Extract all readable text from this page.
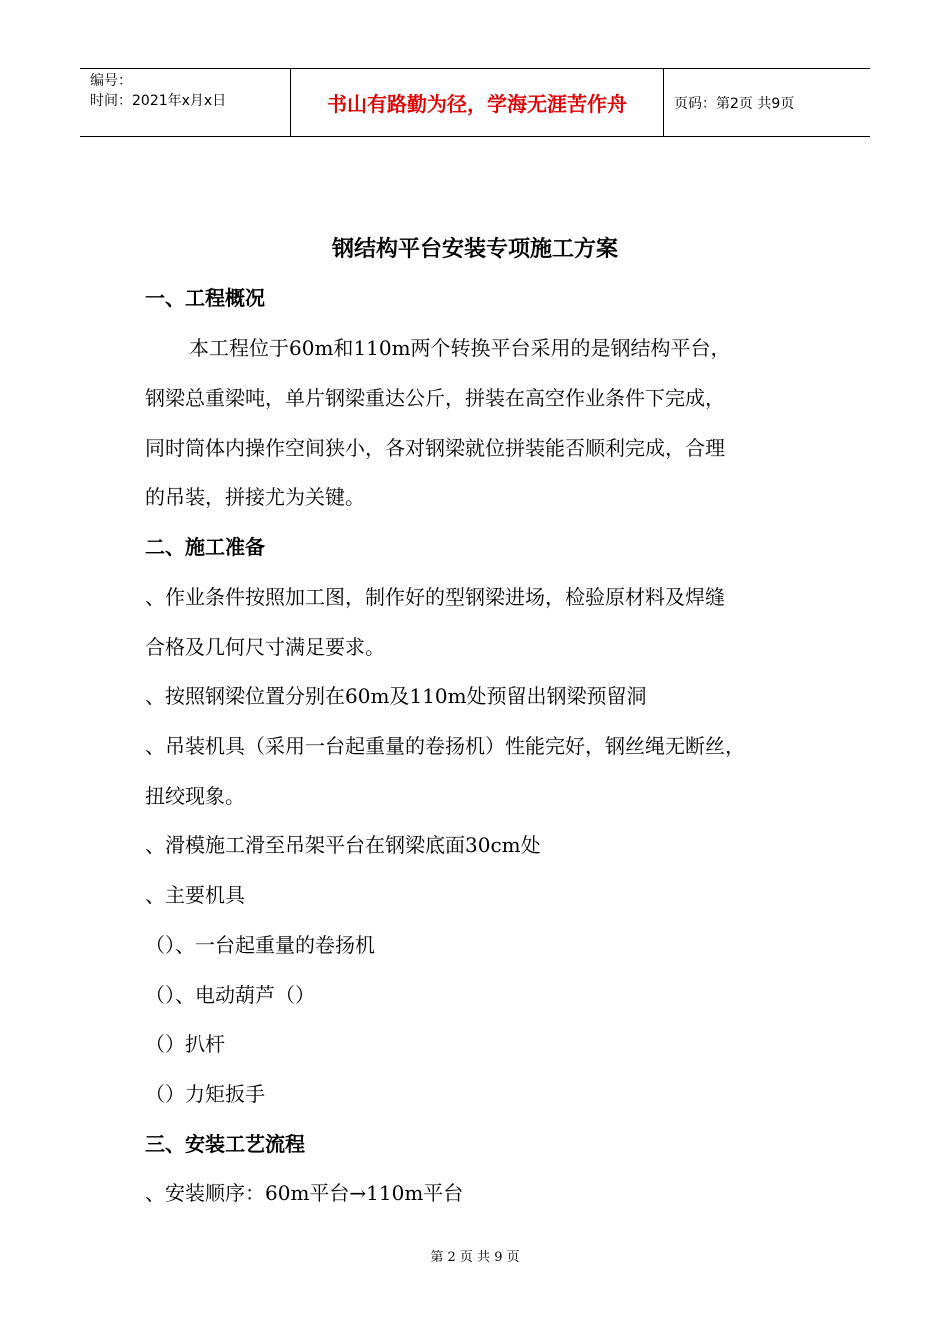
编号：
时间：2021年x月x日	书山有路勤为径，学海无涯苦作舟	页码：第2页 共9页
钢结构平台安装专项施工方案
一、工程概况
本工程位于60m和110m两个转换平台采用的是钢结构平台，
钢梁总重梁吨，单片钢梁重达公斤，拼装在高空作业条件下完成，
同时筒体内操作空间狭小，各对钢梁就位拼装能否顺利完成，合理
的吊装，拼接尤为关键。
二、施工准备
、作业条件按照加工图，制作好的型钢梁进场，检验原材料及焊缝
合格及几何尺寸满足要求。
、按照钢梁位置分别在60m及110m处预留出钢梁预留洞
、吊装机具（采用一台起重量的卷扬机）性能完好，钢丝绳无断丝，
扭绞现象。
、滑模施工滑至吊架平台在钢梁底面30cm处
、主要机具
（）、一台起重量的卷扬机
（）、电动葫芦（）
（）扒杆
（）力矩扳手
三、安装工艺流程
、安装顺序：60m平台→110m平台
第 2 页 共 9 页
